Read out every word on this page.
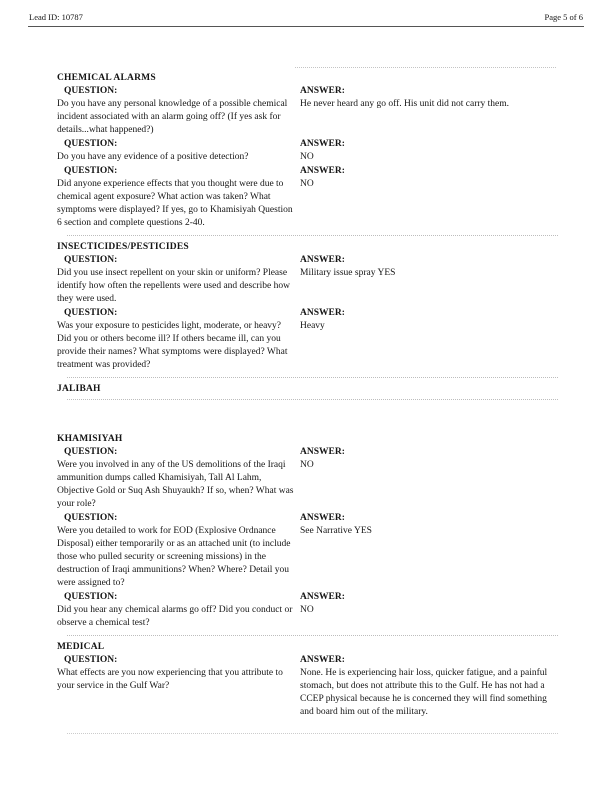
Lead ID: 10787	Page 5 of 6
CHEMICAL ALARMS
QUESTION:	ANSWER:
Do you have any personal knowledge of a possible chemical incident associated with an alarm going off? (If yes ask for details...what happened?)
He never heard any go off. His unit did not carry them.
QUESTION:	ANSWER:
Do you have any evidence of a positive detection?	NO
QUESTION:	ANSWER:
Did anyone experience effects that you thought were due to chemical agent exposure? What action was taken? What symptoms were displayed? If yes, go to Khamisiyah Question 6 section and complete questions 2-40.
NO
INSECTICIDES/PESTICIDES
QUESTION:	ANSWER:
Did you use insect repellent on your skin or uniform? Please identify how often the repellents were used and describe how they were used.
Military issue spray YES
QUESTION:	ANSWER:
Was your exposure to pesticides light, moderate, or heavy? Did you or others become ill? If others became ill, can you provide their names? What symptoms were displayed? What treatment was provided?
Heavy
JALIBAH
KHAMISIYAH
QUESTION:	ANSWER:
Were you involved in any of the US demolitions of the Iraqi ammunition dumps called Khamisiyah, Tall Al Lahm, Objective Gold or Suq Ash Shuyaukh? If so, when? What was your role?
NO
QUESTION:	ANSWER:
Were you detailed to work for EOD (Explosive Ordnance Disposal) either temporarily or as an attached unit (to include those who pulled security or screening missions) in the destruction of Iraqi ammunitions? When? Where? Detail you were assigned to?
See Narrative YES
QUESTION:	ANSWER:
Did you hear any chemical alarms go off? Did you conduct or observe a chemical test?
NO
MEDICAL
QUESTION:	ANSWER:
What effects are you now experiencing that you attribute to your service in the Gulf War?
None. He is experiencing hair loss, quicker fatigue, and a painful stomach, but does not attribute this to the Gulf. He has not had a CCEP physical because he is concerned they will find something and board him out of the military.
